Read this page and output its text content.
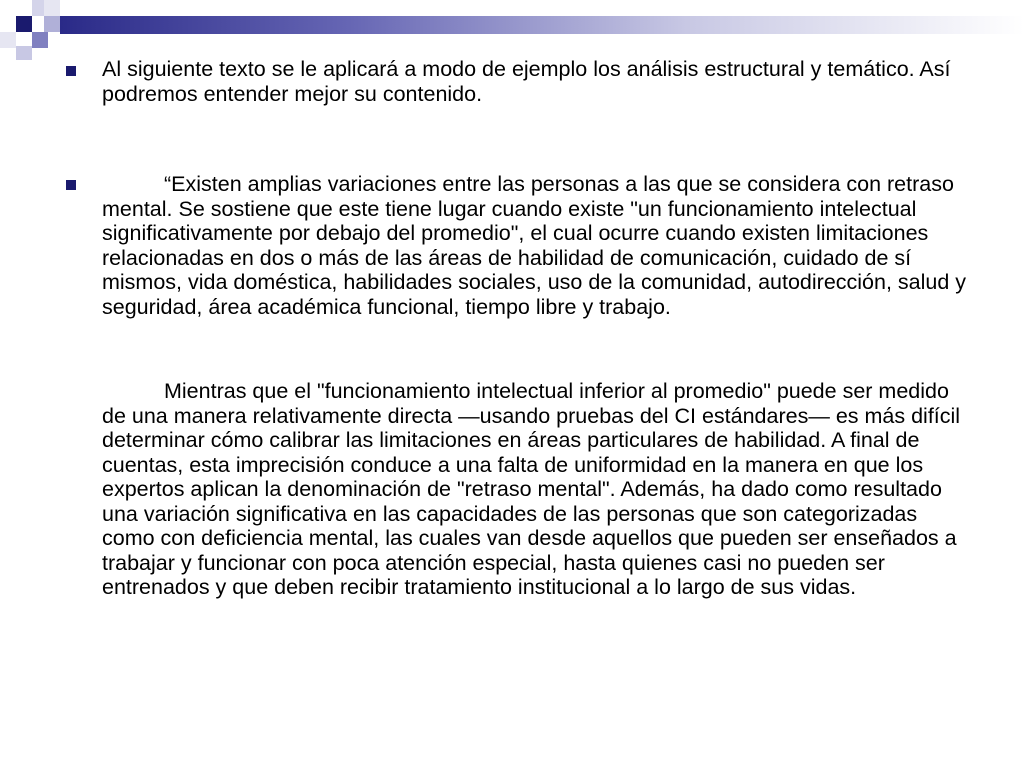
Al siguiente texto se le aplicará a modo de ejemplo los análisis estructural y temático. Así podremos entender mejor su contenido.

“Existen amplias variaciones entre las personas a las que se considera con retraso mental. Se sostiene que este tiene lugar cuando existe "un funcionamiento intelectual significativamente por debajo del promedio", el cual ocurre cuando existen limitaciones relacionadas en dos o más de las áreas de habilidad de comunicación, cuidado de sí mismos, vida doméstica, habilidades sociales, uso de la comunidad, autodirección, salud y seguridad, área académica funcional, tiempo libre y trabajo.

Mientras que el "funcionamiento intelectual inferior al promedio" puede ser medido de una manera relativamente directa —usando pruebas del CI estándares— es más difícil determinar cómo calibrar las limitaciones en áreas particulares de habilidad. A final de cuentas, esta imprecisión conduce a una falta de uniformidad en la manera en que los expertos aplican la denominación de "retraso mental". Además, ha dado como resultado una variación significativa en las capacidades de las personas que son categorizadas como con deficiencia mental, las cuales van desde aquellos que pueden ser enseñados a trabajar y funcionar con poca atención especial, hasta quienes casi no pueden ser entrenados y que deben recibir tratamiento institucional a lo largo de sus vidas.
